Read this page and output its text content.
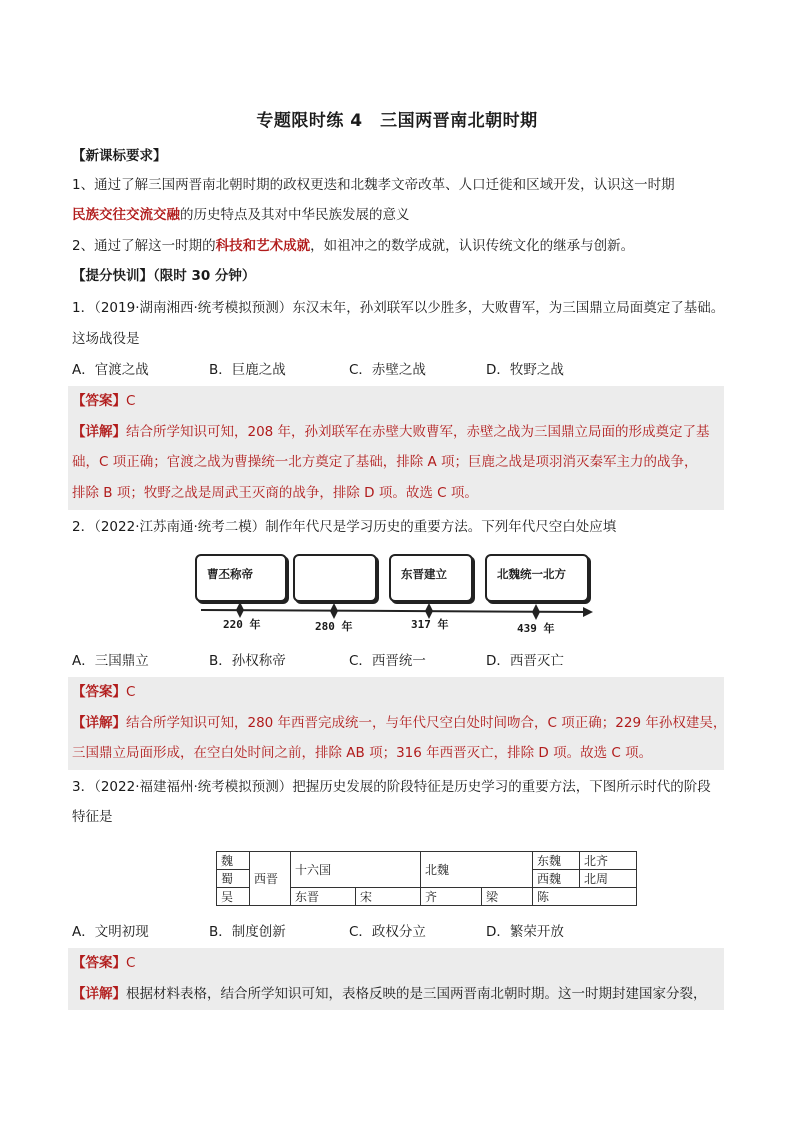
专题限时练 4　三国两晋南北朝时期
【新课标要求】
1、通过了解三国两晋南北朝时期的政权更迭和北魏孝文帝改革、人口迁徙和区域开发，认识这一时期
民族交往交流交融的历史特点及其对中华民族发展的意义
2、通过了解这一时期的科技和艺术成就，如祖冲之的数学成就，认识传统文化的继承与创新。
【提分快训】（限时 30 分钟）
1．（2019·湖南湘西·统考模拟预测）东汉末年，孙刘联军以少胜多，大败曹军，为三国鼎立局面奠定了基础。
这场战役是
A．官渡之战	B．巨鹿之战	C．赤壁之战	D．牧野之战
【答案】C
【详解】结合所学知识可知，208 年，孙刘联军在赤壁大败曹军，赤壁之战为三国鼎立局面的形成奠定了基
础，C 项正确；官渡之战为曹操统一北方奠定了基础，排除 A 项；巨鹿之战是项羽消灭秦军主力的战争，
排除 B 项；牧野之战是周武王灭商的战争，排除 D 项。故选 C 项。
2．（2022·江苏南通·统考二模）制作年代尺是学习历史的重要方法。下列年代尺空白处应填
曹丕称帝	东晋建立	北魏统一北方
220 年	280 年	317 年	439 年
A．三国鼎立	B．孙权称帝	C．西晋统一	D．西晋灭亡
【答案】C
【详解】结合所学知识可知，280 年西晋完成统一，与年代尺空白处时间吻合，C 项正确；229 年孙权建吴，
三国鼎立局面形成，在空白处时间之前，排除 AB 项；316 年西晋灭亡，排除 D 项。故选 C 项。
3．（2022·福建福州·统考模拟预测）把握历史发展的阶段特征是历史学习的重要方法，下图所示时代的阶段
特征是
魏	西晋	十六国		北魏		东魏	北齐
蜀						西魏	北周
吴		东晋	宋	齐	梁	陈	
A．文明初现	B．制度创新	C．政权分立	D．繁荣开放
【答案】C
【详解】根据材料表格，结合所学知识可知，表格反映的是三国两晋南北朝时期。这一时期封建国家分裂，
